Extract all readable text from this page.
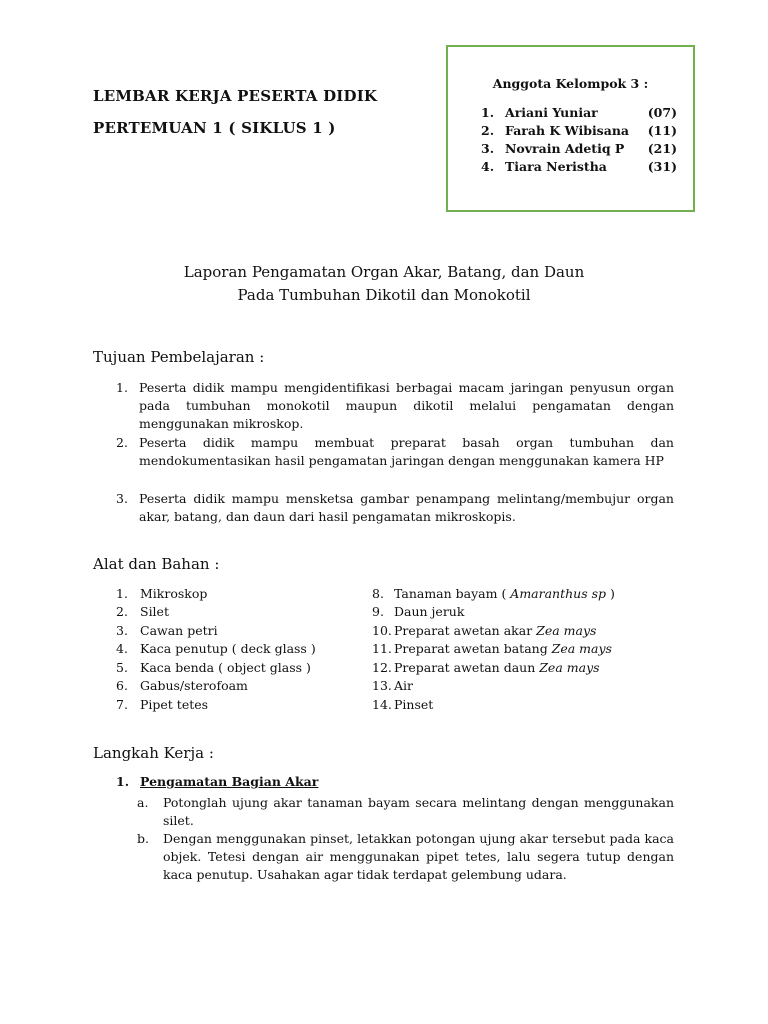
LEMBAR KERJA PESERTA DIDIK
PERTEMUAN 1 ( SIKLUS 1 )
Anggota Kelompok 3 :
1. Ariani Yuniar	(07)
2. Farah K Wibisana (11)
3. Novrain Adetiq P (21)
4. Tiara Neristha	(31)
Laporan Pengamatan Organ Akar, Batang, dan Daun
Pada Tumbuhan Dikotil dan Monokotil
Tujuan Pembelajaran :
1. Peserta didik mampu mengidentifikasi berbagai macam jaringan penyusun organ pada tumbuhan monokotil maupun dikotil melalui pengamatan dengan menggunakan mikroskop.
2. Peserta didik mampu membuat preparat basah organ tumbuhan dan mendokumentasikan hasil pengamatan jaringan dengan menggunakan kamera HP
3. Peserta didik mampu mensketsa gambar penampang melintang/membujur organ akar, batang, dan daun dari hasil pengamatan mikroskopis.
Alat dan Bahan :
1. Mikroskop
2. Silet
3. Cawan petri
4. Kaca penutup ( deck glass )
5. Kaca benda ( object glass )
6. Gabus/sterofoam
7. Pipet tetes
8. Tanaman bayam ( Amaranthus sp )
9. Daun jeruk
10. Preparat awetan akar Zea mays
11. Preparat awetan batang Zea mays
12. Preparat awetan daun Zea mays
13. Air
14. Pinset
Langkah Kerja :
1. Pengamatan Bagian Akar
a. Potonglah ujung akar tanaman bayam secara melintang dengan menggunakan silet.
b. Dengan menggunakan pinset, letakkan potongan ujung akar tersebut pada kaca objek. Tetesi dengan air menggunakan pipet tetes, lalu segera tutup dengan kaca penutup. Usahakan agar tidak terdapat gelembung udara.
